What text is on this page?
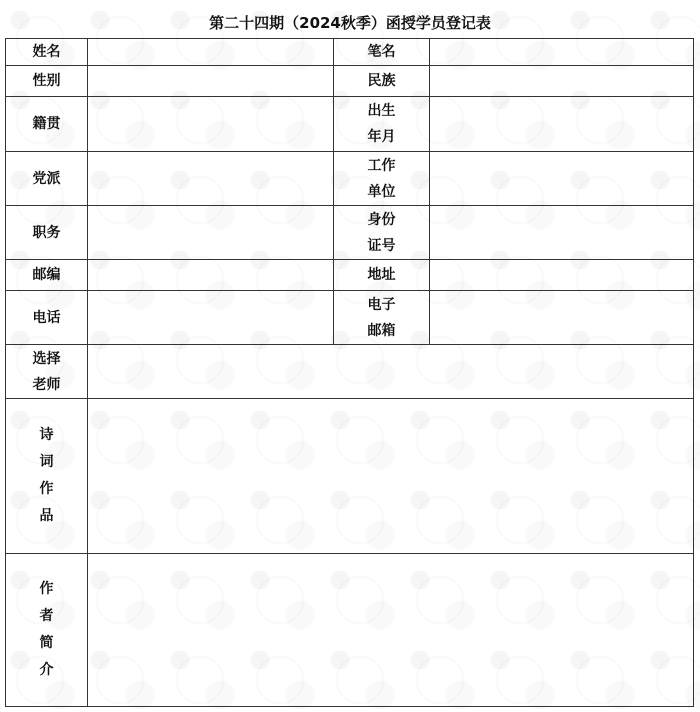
第二十四期（2024秋季）函授学员登记表
姓名		笔名	
性别		民族	
籍贯		出生年月	
党派		工作单位	
职务		身份证号	
邮编		地址	
电话		电子邮箱	
选择老师			
诗词作品			
作者简介			
